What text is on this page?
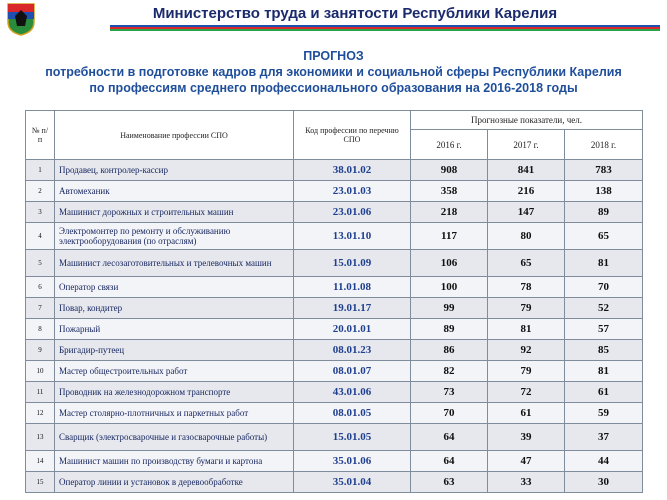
Министерство труда и занятости Республики Карелия
ПРОГНОЗ
потребности в подготовке кадров для экономики и социальной сферы Республики Карелия
по профессиям среднего профессионального образования на 2016-2018 годы
№ п/п	Наименование профессии СПО	Код профессии по перечню СПО	Прогнозные показатели, чел.		
			2016 г.	2017 г.	2018 г.
1	Продавец, контролер-кассир	38.01.02	908	841	783
2	Автомеханик	23.01.03	358	216	138
3	Машинист дорожных и строительных машин	23.01.06	218	147	89
4	Электромонтер по ремонту и обслуживанию электрооборудования (по отраслям)	13.01.10	117	80	65
5	Машинист лесозаготовительных и трелевочных машин	15.01.09	106	65	81
6	Оператор связи	11.01.08	100	78	70
7	Повар, кондитер	19.01.17	99	79	52
8	Пожарный	20.01.01	89	81	57
9	Бригадир-путеец	08.01.23	86	92	85
10	Мастер общестроительных работ	08.01.07	82	79	81
11	Проводник на железнодорожном транспорте	43.01.06	73	72	61
12	Мастер столярно-плотничных и паркетных работ	08.01.05	70	61	59
13	Сварщик (электросварочные и газосварочные работы)	15.01.05	64	39	37
14	Машинист машин по производству бумаги и картона	35.01.06	64	47	44
15	Оператор линии и установок в деревообработке	35.01.04	63	33	30
